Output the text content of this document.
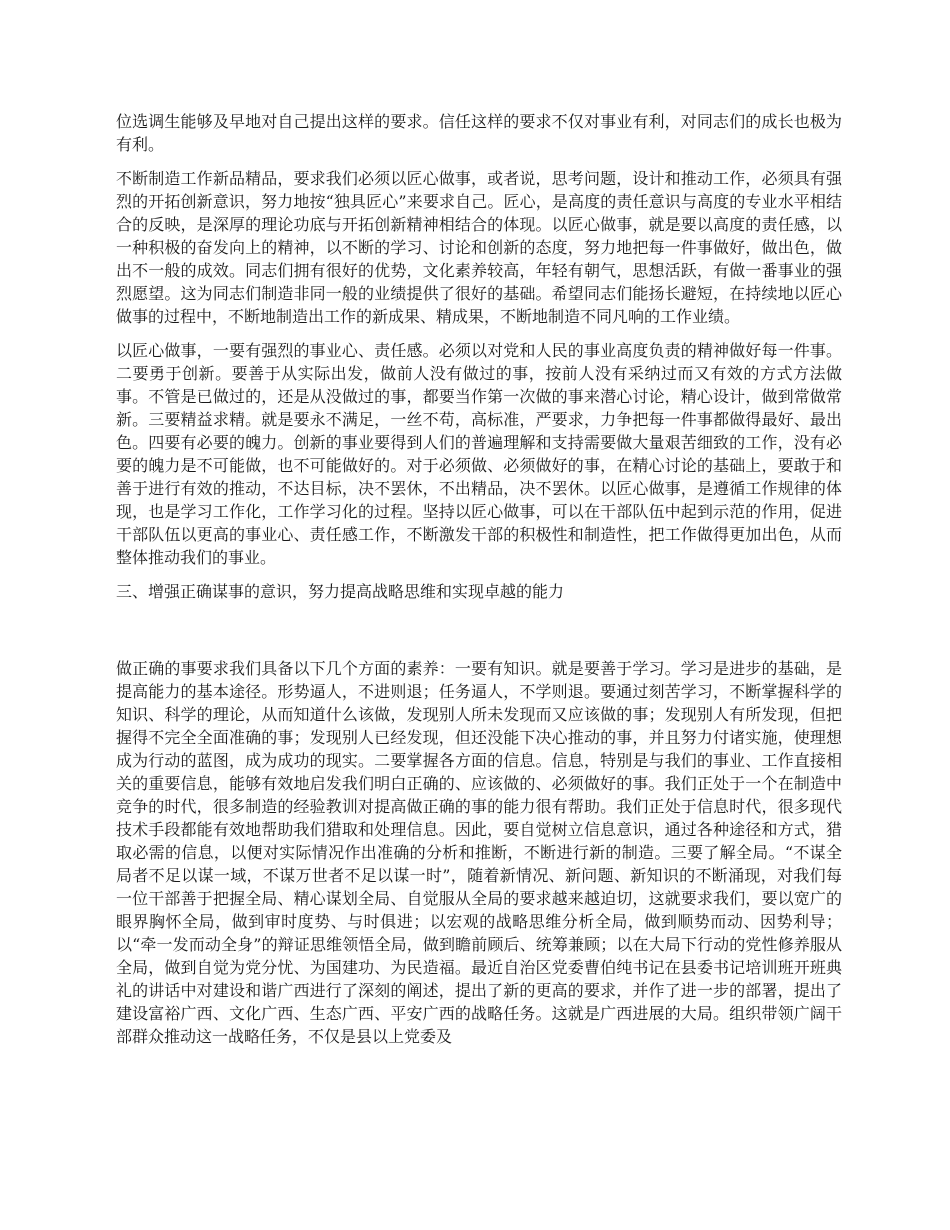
位选调生能够及早地对自己提出这样的要求。信任这样的要求不仅对事业有利，对同志们的成长也极为有利。

不断制造工作新品精品，要求我们必须以匠心做事，或者说，思考问题，设计和推动工作，必须具有强烈的开拓创新意识，努力地按“独具匠心”来要求自己。匠心，是高度的责任意识与高度的专业水平相结合的反映，是深厚的理论功底与开拓创新精神相结合的体现。以匠心做事，就是要以高度的责任感，以一种积极的奋发向上的精神，以不断的学习、讨论和创新的态度，努力地把每一件事做好，做出色，做出不一般的成效。同志们拥有很好的优势，文化素养较高，年轻有朝气，思想活跃，有做一番事业的强烈愿望。这为同志们制造非同一般的业绩提供了很好的基础。希望同志们能扬长避短，在持续地以匠心做事的过程中，不断地制造出工作的新成果、精成果，不断地制造不同凡响的工作业绩。

以匠心做事，一要有强烈的事业心、责任感。必须以对党和人民的事业高度负责的精神做好每一件事。二要勇于创新。要善于从实际出发，做前人没有做过的事，按前人没有采纳过而又有效的方式方法做事。不管是已做过的，还是从没做过的事，都要当作第一次做的事来潜心讨论，精心设计，做到常做常新。三要精益求精。就是要永不满足，一丝不苟，高标准，严要求，力争把每一件事都做得最好、最出色。四要有必要的魄力。创新的事业要得到人们的普遍理解和支持需要做大量艰苦细致的工作，没有必要的魄力是不可能做，也不可能做好的。对于必须做、必须做好的事，在精心讨论的基础上，要敢于和善于进行有效的推动，不达目标，决不罢休，不出精品，决不罢休。以匠心做事，是遵循工作规律的体现，也是学习工作化，工作学习化的过程。坚持以匠心做事，可以在干部队伍中起到示范的作用，促进干部队伍以更高的事业心、责任感工作，不断激发干部的积极性和制造性，把工作做得更加出色，从而整体推动我们的事业。

三、增强正确谋事的意识，努力提高战略思维和实现卓越的能力

做正确的事要求我们具备以下几个方面的素养：一要有知识。就是要善于学习。学习是进步的基础，是提高能力的基本途径。形势逼人，不进则退；任务逼人，不学则退。要通过刻苦学习，不断掌握科学的知识、科学的理论，从而知道什么该做，发现别人所未发现而又应该做的事；发现别人有所发现，但把握得不完全全面准确的事；发现别人已经发现，但还没能下决心推动的事，并且努力付诸实施，使理想成为行动的蓝图，成为成功的现实。二要掌握各方面的信息。信息，特别是与我们的事业、工作直接相关的重要信息，能够有效地启发我们明白正确的、应该做的、必须做好的事。我们正处于一个在制造中竞争的时代，很多制造的经验教训对提高做正确的事的能力很有帮助。我们正处于信息时代，很多现代技术手段都能有效地帮助我们猎取和处理信息。因此，要自觉树立信息意识，通过各种途径和方式，猎取必需的信息，以便对实际情况作出准确的分析和推断，不断进行新的制造。三要了解全局。“不谋全局者不足以谋一域，不谋万世者不足以谋一时”，随着新情况、新问题、新知识的不断涌现，对我们每一位干部善于把握全局、精心谋划全局、自觉服从全局的要求越来越迫切，这就要求我们，要以宽广的眼界胸怀全局，做到审时度势、与时俱进；以宏观的战略思维分析全局，做到顺势而动、因势利导；以“牵一发而动全身”的辩证思维领悟全局，做到瞻前顾后、统筹兼顾；以在大局下行动的党性修养服从全局，做到自觉为党分忧、为国建功、为民造福。最近自治区党委曹伯纯书记在县委书记培训班开班典礼的讲话中对建设和谐广西进行了深刻的阐述，提出了新的更高的要求，并作了进一步的部署，提出了建设富裕广西、文化广西、生态广西、平安广西的战略任务。这就是广西进展的大局。组织带领广阔干部群众推动这一战略任务，不仅是县以上党委及
